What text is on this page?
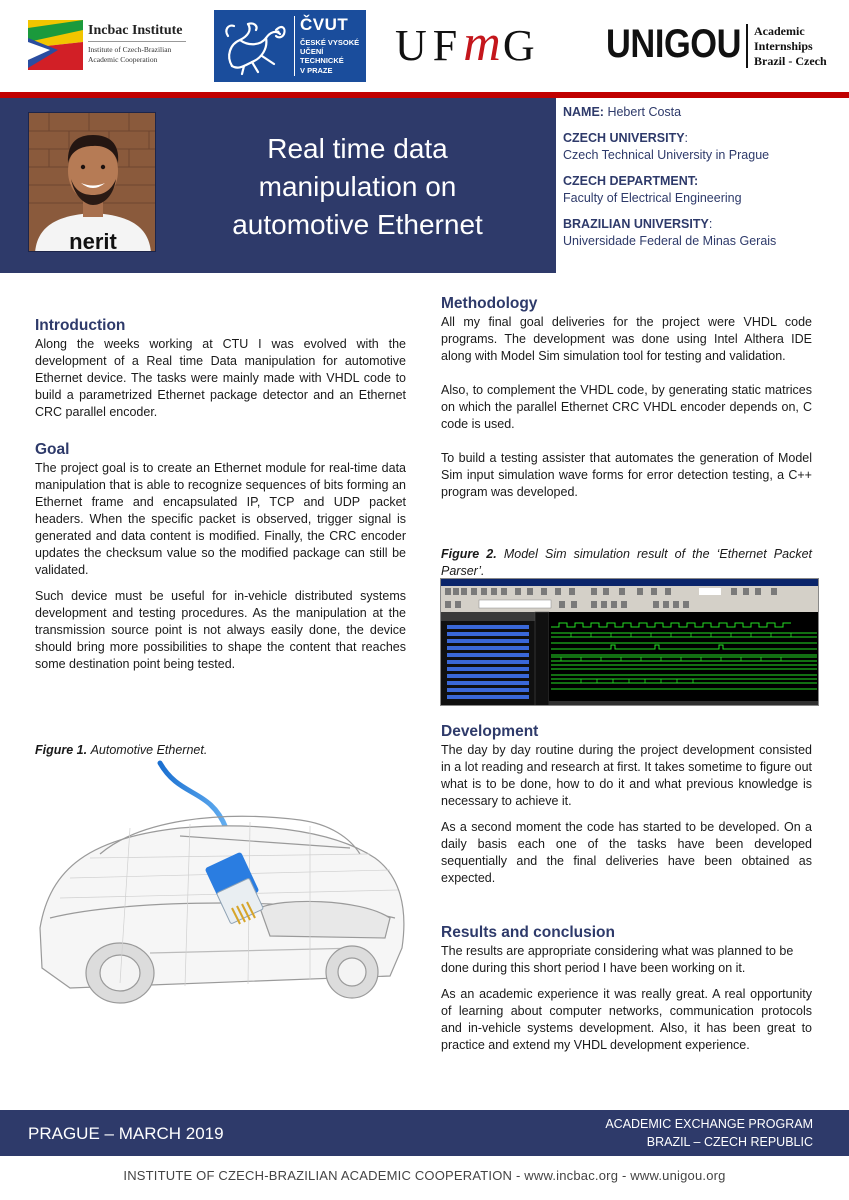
Incbac Institute
Institute of Czech-Brazilian
Academic Cooperation
ČVUT
ČESKÉ VYSOKÉ
UČENÍ TECHNICKÉ
V PRAZE
UFmG UNIGOU Academic
Internships
Brazil - Czech
nerit
Real time data manipulation on automotive Ethernet
NAME: Hebert Costa
CZECH UNIVERSITY:
Czech Technical University in Prague
CZECH DEPARTMENT:
Faculty of Electrical Engineering
BRAZILIAN UNIVERSITY:
Universidade Federal de Minas Gerais
Introduction

Along the weeks working at CTU I was evolved with the development of a Real time Data manipulation for automotive Ethernet device. The tasks were mainly made with VHDL code to build a parametrized Ethernet package detector and an Ethernet CRC parallel encoder.

Goal

The project goal is to create an Ethernet module for real-time data manipulation that is able to recognize sequences of bits forming an Ethernet frame and encapsulated IP, TCP and UDP packet headers. When the specific packet is observed, trigger signal is generated and data content is modified. Finally, the CRC encoder updates the checksum value so the modified package can still be validated.

Such device must be useful for in-vehicle distributed systems development and testing procedures. As the manipulation at the transmission source point is not always easily done, the device should bring more possibilities to shape the content that reaches some destination point being tested.

Figure 1. Automotive Ethernet.
Methodology

All my final goal deliveries for the project were VHDL code programs. The development was done using Intel Althera IDE along with Model Sim simulation tool for testing and validation.

Also, to complement the VHDL code, by generating static matrices on which the parallel Ethernet CRC VHDL encoder depends on, C code is used.

To build a testing assister that automates the generation of Model Sim input simulation wave forms for error detection testing, a C++ program was developed.

Figure 2. Model Sim simulation result of the ‘Ethernet Packet Parser’.
Development

The day by day routine during the project development consisted in a lot reading and research at first. It takes sometime to figure out what is to be done, how to do it and what previous knowledge is necessary to achieve it.

As a second moment the code has started to be developed. On a daily basis each one of the tasks have been developed sequentially and the final deliveries have been obtained as expected.

Results and conclusion

The results are appropriate considering what was planned to be done during this short period I have been working on it.

As an academic experience it was really great. A real opportunity of learning about computer networks, communication protocols and in-vehicle systems development. Also, it has been great to practice and extend my VHDL development experience.

PRAGUE – MARCH 2019	ACADEMIC EXCHANGE PROGRAM
BRAZIL – CZECH REPUBLIC
INSTITUTE OF CZECH-BRAZILIAN ACADEMIC COOPERATION - www.incbac.org - www.unigou.org
